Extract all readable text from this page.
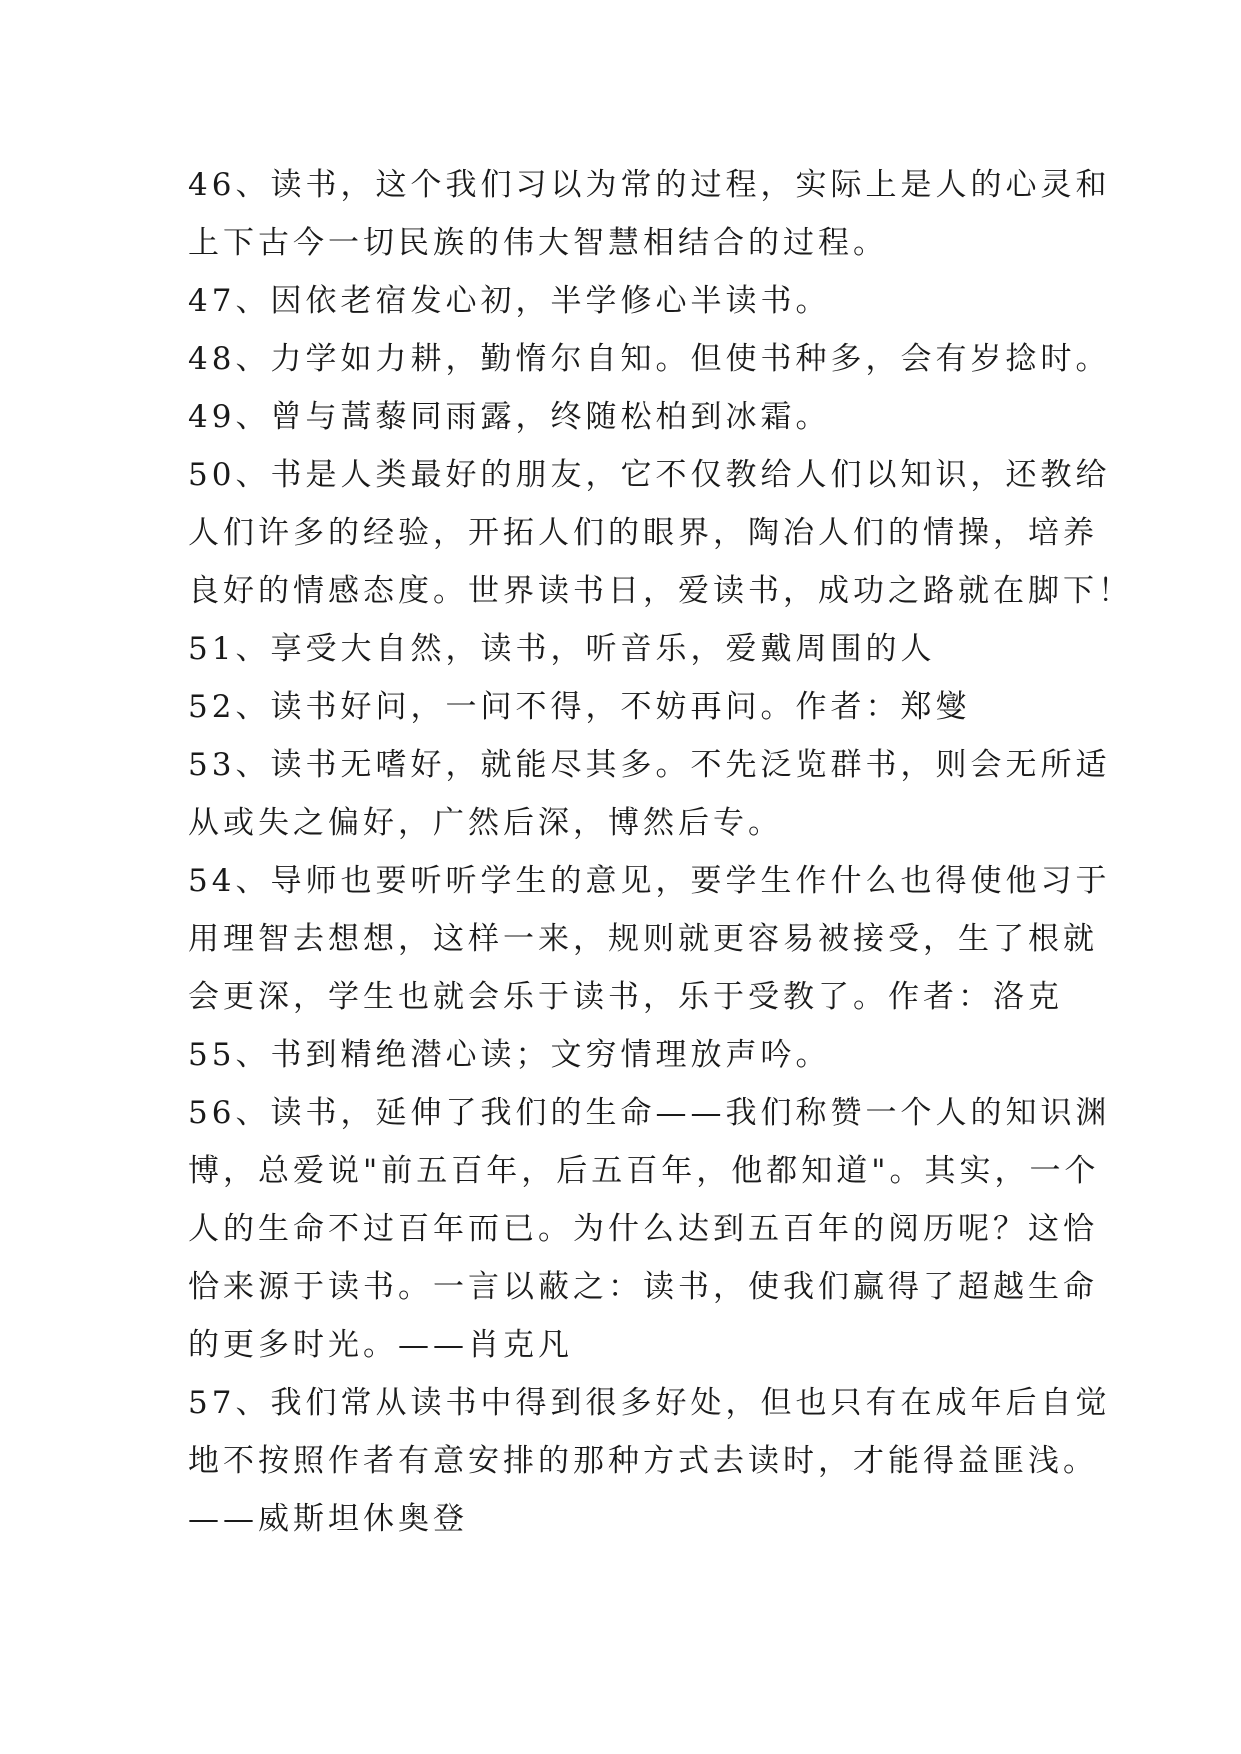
46、读书，这个我们习以为常的过程，实际上是人的心灵和
上下古今一切民族的伟大智慧相结合的过程。
47、因依老宿发心初，半学修心半读书。
48、力学如力耕，勤惰尔自知。但使书种多，会有岁捻时。
49、曾与蒿藜同雨露，终随松柏到冰霜。
50、书是人类最好的朋友，它不仅教给人们以知识，还教给
人们许多的经验，开拓人们的眼界，陶冶人们的情操，培养
良好的情感态度。世界读书日，爱读书，成功之路就在脚下！
51、享受大自然，读书，听音乐，爱戴周围的人
52、读书好问，一问不得，不妨再问。作者：郑燮
53、读书无嗜好，就能尽其多。不先泛览群书，则会无所适
从或失之偏好，广然后深，博然后专。
54、导师也要听听学生的意见，要学生作什么也得使他习于
用理智去想想，这样一来，规则就更容易被接受，生了根就
会更深，学生也就会乐于读书，乐于受教了。作者：洛克
55、书到精绝潜心读；文穷情理放声吟。
56、读书，延伸了我们的生命——我们称赞一个人的知识渊
博，总爱说"前五百年，后五百年，他都知道"。其实，一个
人的生命不过百年而已。为什么达到五百年的阅历呢？这恰
恰来源于读书。一言以蔽之：读书，使我们赢得了超越生命
的更多时光。——肖克凡
57、我们常从读书中得到很多好处，但也只有在成年后自觉
地不按照作者有意安排的那种方式去读时，才能得益匪浅。
——威斯坦休奥登
